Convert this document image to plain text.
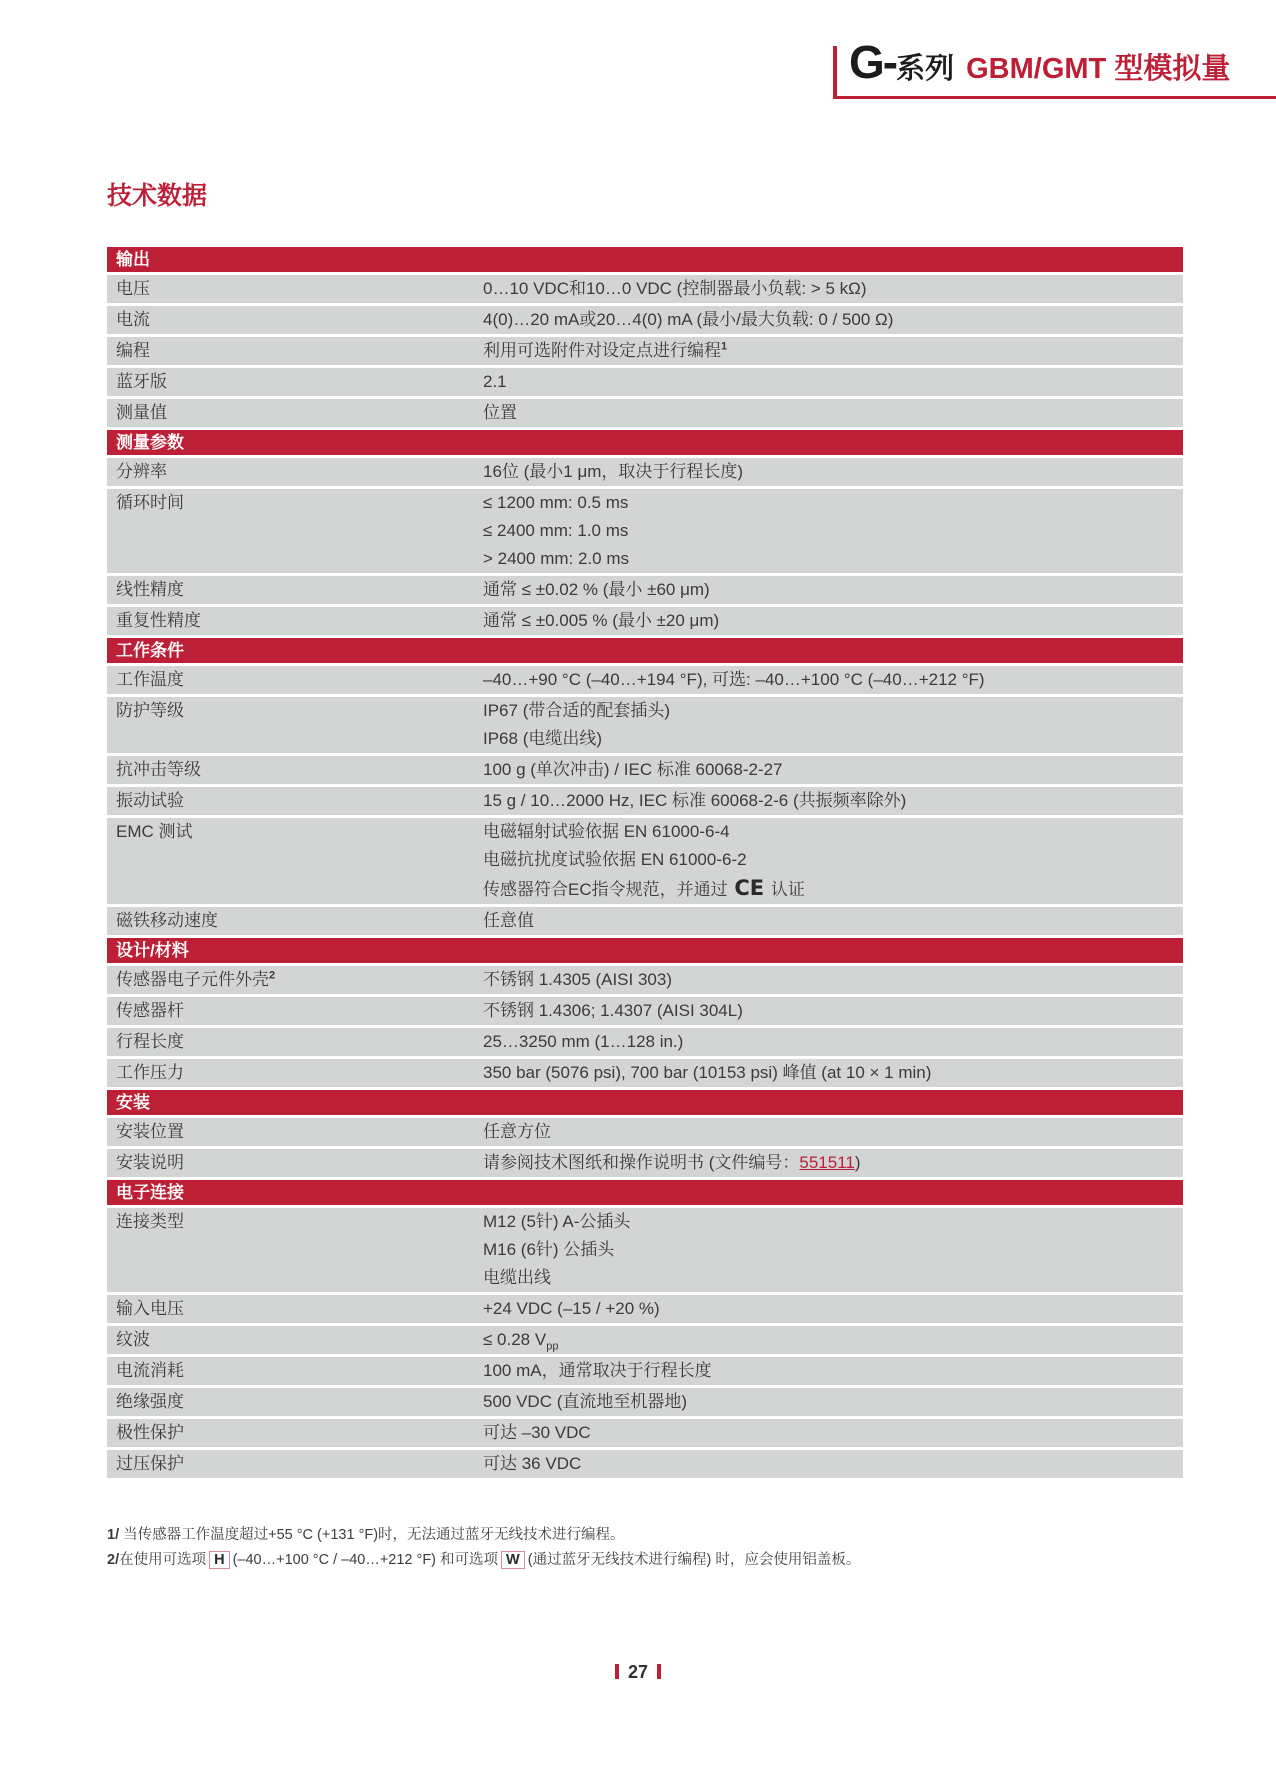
G- 系列 GBM/GMT 型模拟量
技术数据
输出
电压	0…10 VDC和10…0 VDC (控制器最小负载: > 5 kΩ)
电流	4(0)…20 mA或20…4(0) mA (最小/最大负载: 0 / 500 Ω)
编程	利用可选附件对设定点进行编程$^1$
蓝牙版	2.1
测量值	位置
测量参数
分辨率	16位 (最小1 μm，取决于行程长度)
循环时间	≤ 1200 mm: 0.5 ms
≤ 2400 mm: 1.0 ms
> 2400 mm: 2.0 ms
线性精度	通常 ≤ ±0.02 % (最小 ±60 μm)
重复性精度	通常 ≤ ±0.005 % (最小 ±20 μm)
工作条件
工作温度	–40…+90 °C (–40…+194 °F), 可选: –40…+100 °C (–40…+212 °F)
防护等级	IP67 (带合适的配套插头)
IP68 (电缆出线)
抗冲击等级	100 g (单次冲击) / IEC 标准 60068-2-27
振动试验	15 g / 10…2000 Hz, IEC 标准 60068-2-6 (共振频率除外)
EMC 测试	电磁辐射试验依据 EN 61000-6-4
电磁抗扰度试验依据 EN 61000-6-2
传感器符合EC指令规范，并通过 CE 认证
磁铁移动速度	任意值
设计/材料
传感器电子元件外壳$^2$	不锈钢 1.4305 (AISI 303)
传感器杆	不锈钢 1.4306; 1.4307 (AISI 304L)
行程长度	25…3250 mm (1…128 in.)
工作压力	350 bar (5076 psi), 700 bar (10153 psi) 峰值 (at 10 × 1 min)
安装
安装位置	任意方位
安装说明	请参阅技术图纸和操作说明书 (文件编号：551511)
电子连接
连接类型	M12 (5针) A-公插头
M16 (6针) 公插头
电缆出线
输入电压	+24 VDC (–15 / +20 %)
纹波	≤ 0.28 $V_{pp}$
电流消耗	100 mA，通常取决于行程长度
绝缘强度	500 VDC (直流地至机器地)
极性保护	可达 –30 VDC
过压保护	可达 36 VDC
1/ 当传感器工作温度超过+55 °C (+131 °F)时，无法通过蓝牙无线技术进行编程。
2/在使用可选项 H (–40…+100 °C / –40…+212 °F) 和可选项 W (通过蓝牙无线技术进行编程) 时，应会使用铝盖板。
27
